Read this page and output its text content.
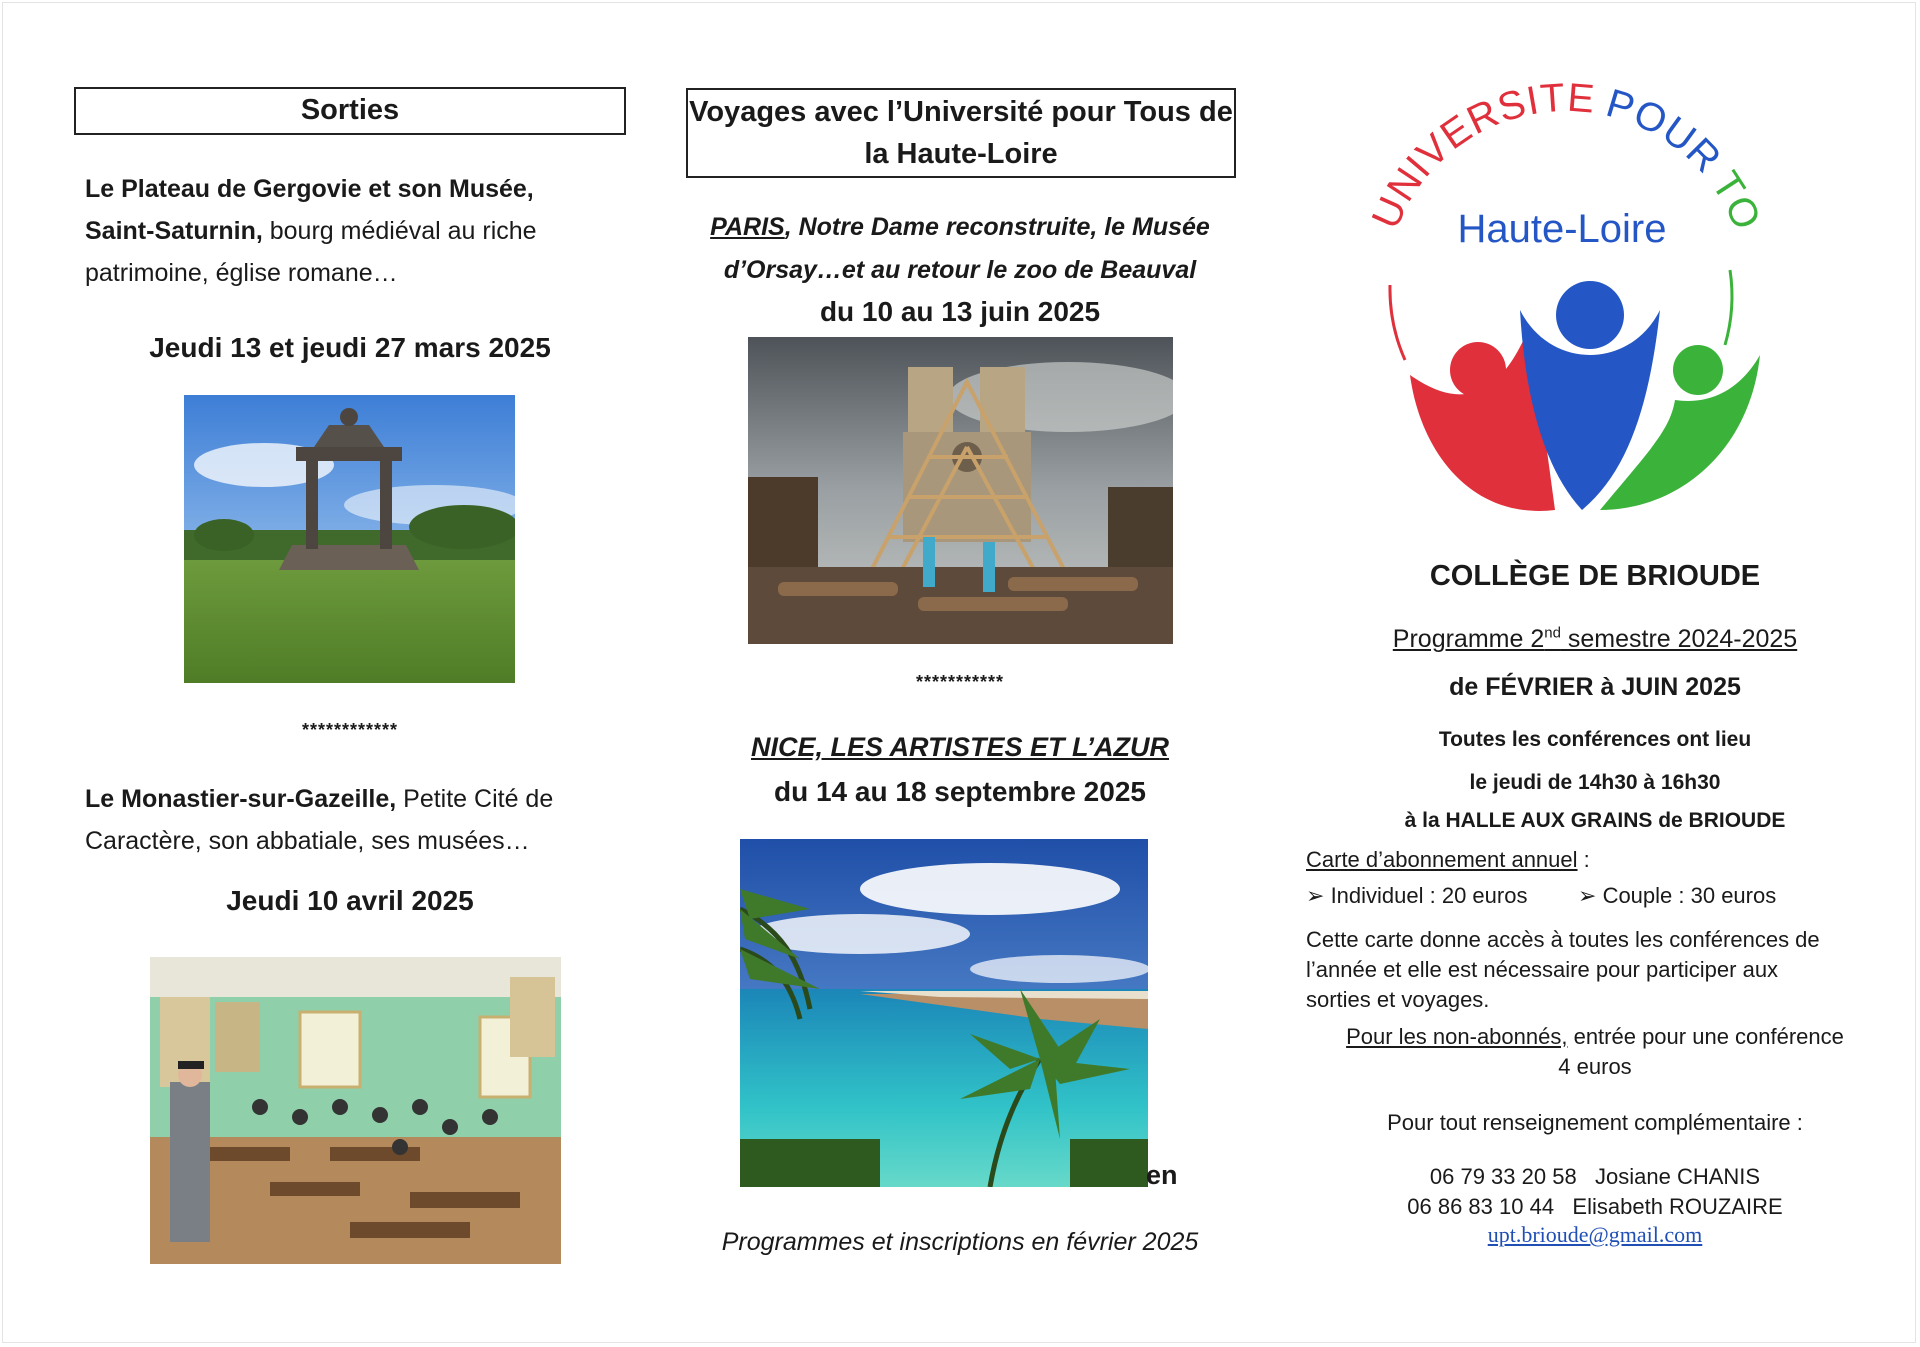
Sorties
Le Plateau de Gergovie et son Musée,
Saint-Saturnin, bourg médiéval au riche
patrimoine, église romane…
Jeudi 13 et jeudi 27 mars 2025
************
Le Monastier-sur-Gazeille, Petite Cité de
Caractère, son abbatiale, ses musées…
Jeudi 10 avril 2025
Voyages avec l’Université pour Tous de
la Haute-Loire
PARIS, Notre Dame reconstruite, le Musée
d’Orsay…et au retour le zoo de Beauval
du 10 au 13 juin 2025
***********
NICE, LES ARTISTES ET L’AZUR
du 14 au 18 septembre 2025
en
Programmes et inscriptions en février 2025
UNIVERSITE POUR TO
Haute-Loire
COLLÈGE DE BRIOUDE
Programme 2nd semestre 2024-2025
de FÉVRIER à JUIN 2025
Toutes les conférences ont lieu
le jeudi de 14h30 à 16h30
à la HALLE AUX GRAINS de BRIOUDE
Carte d’abonnement annuel :
➢ Individuel : 20 euros ➢ Couple : 30 euros
Cette carte donne accès à toutes les conférences de
l’année et elle est nécessaire pour participer aux
sorties et voyages.
Pour les non-abonnés, entrée pour une conférence
4 euros
Pour tout renseignement complémentaire :
06 79 33 20 58 Josiane CHANIS
06 86 83 10 44 Elisabeth ROUZAIRE
upt.brioude@gmail.com
